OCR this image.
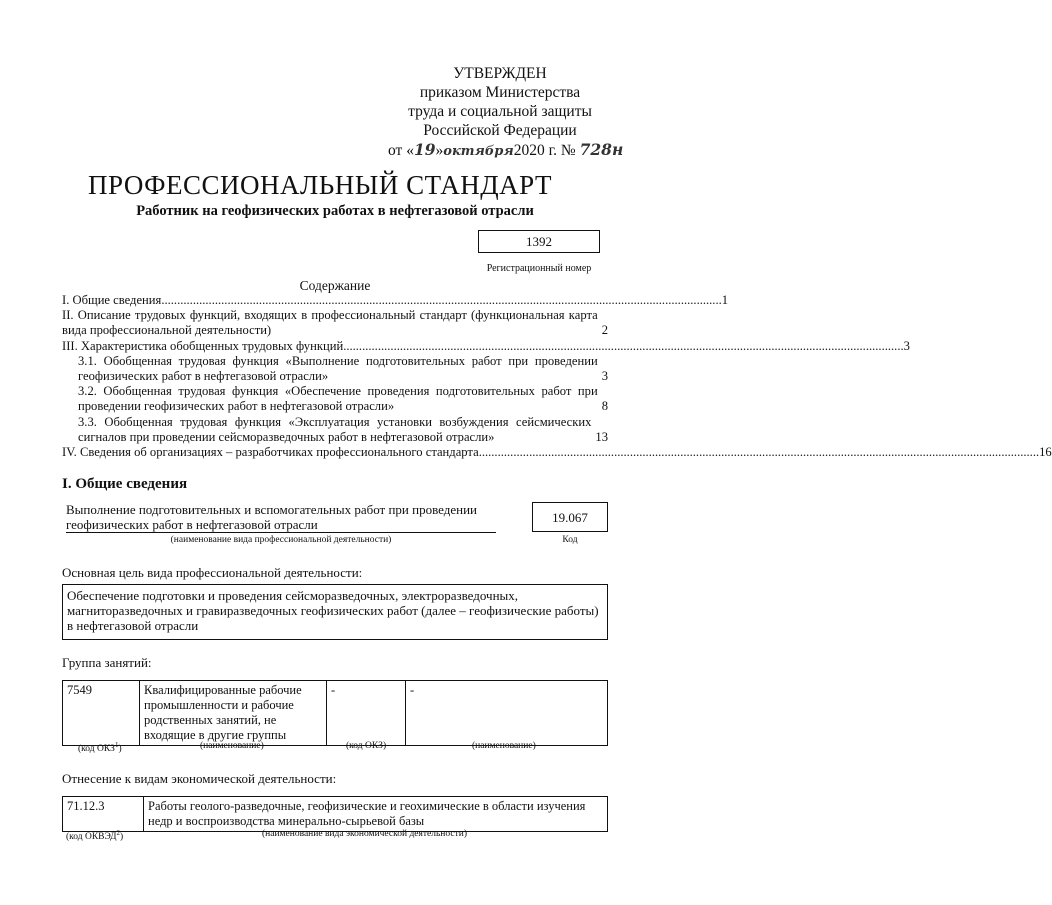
УТВЕРЖДЕН
приказом Министерства
труда и социальной защиты
Российской Федерации
от «19»октября2020 г. № 728н
ПРОФЕССИОНАЛЬНЫЙ СТАНДАРТ
Работник на геофизических работах в нефтегазовой отрасли
1392
Регистрационный номер
Содержание
I. Общие сведения .................................................................................................................................................................................. 1
II. Описание трудовых функций, входящих в профессиональный стандарт (функциональная карта вида профессиональной деятельности)	2
III. Характеристика обобщенных трудовых функций .................................................................................................................................................................................. 3
3.1. Обобщенная трудовая функция «Выполнение подготовительных работ при проведении геофизических работ в нефтегазовой отрасли»	3
3.2. Обобщенная трудовая функция «Обеспечение проведения подготовительных работ при проведении геофизических работ в нефтегазовой отрасли»	8
3.3. Обобщенная трудовая функция «Эксплуатация установки возбуждения сейсмических сигналов при проведении сейсморазведочных работ в нефтегазовой отрасли»	13
IV. Сведения об организациях – разработчиках профессионального стандарта .................................................................................................................................................................................. 16
I. Общие сведения
Выполнение подготовительных и вспомогательных работ при проведении геофизических работ в нефтегазовой отрасли
(наименование вида профессиональной деятельности)
19.067
Код
Основная цель вида профессиональной деятельности:
Обеспечение подготовки и проведения сейсморазведочных, электроразведочных, магниторазведочных и гравиразведочных геофизических работ (далее – геофизические работы) в нефтегазовой отрасли
Группа занятий:
7549	Квалифицированные рабочие промышленности и рабочие родственных занятий, не входящие в другие группы	-	-
(код ОКЗ$^1$)	(наименование)	(код ОКЗ)	(наименование)
Отнесение к видам экономической деятельности:
71.12.3	Работы геолого-разведочные, геофизические и геохимические в области изучения недр и воспроизводства минерально-сырьевой базы
(код ОКВЭД$^2$)	(наименование вида экономической деятельности)
